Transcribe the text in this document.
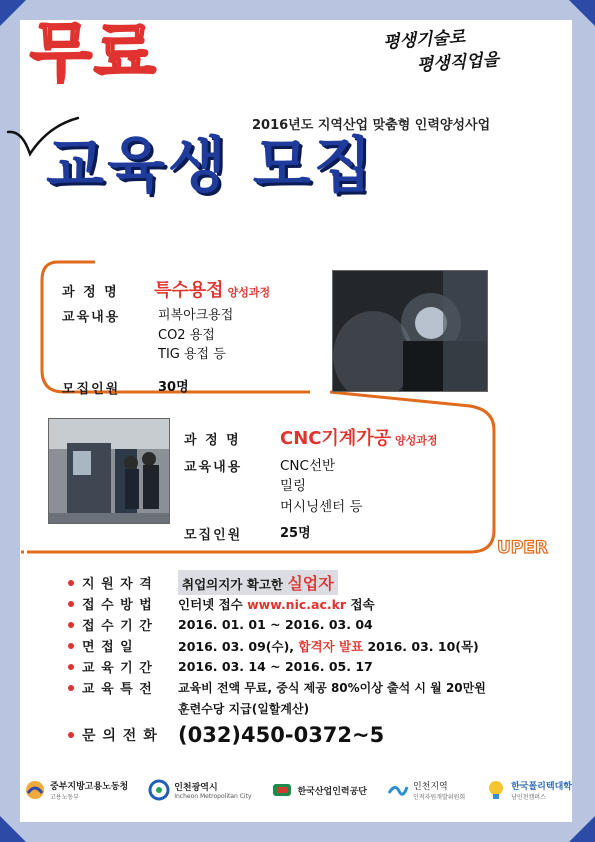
무료	평생기술로
평생직업을
2016년도 지역산업 맞춤형 인력양성사업
교육생 모집
과 정 명	특수용접 양성과정
교육내용	피복아크용접
CO2 용접
TIG 용접 등
모집인원	30명
과 정 명	CNC기계가공 양성과정
교육내용	CNC선반
밀링
머시닝센터 등
모집인원	25명
UPER
지 원 자 격	취업의지가 확고한 실업자
접 수 방 법	인터넷 접수 www.nic.ac.kr 접속
접 수 기 간	2016. 01. 01 ~ 2016. 03. 04
면 접 일	2016. 03. 09(수), 합격자 발표 2016. 03. 10(목)
교 육 기 간	2016. 03. 14 ~ 2016. 05. 17
교 육 특 전	교육비 전액 무료, 중식 제공 80%이상 출석 시 월 20만원
훈련수당 지급(일할계산)
문 의 전 화 (032)450-0372~5
중부지방고용노동청
고용노동부
인천광역시
Incheon Metropolitan City	한국산업인력공단	인천지역
인적자원개발위원회
한국폴리텍대학
남인천캠퍼스
